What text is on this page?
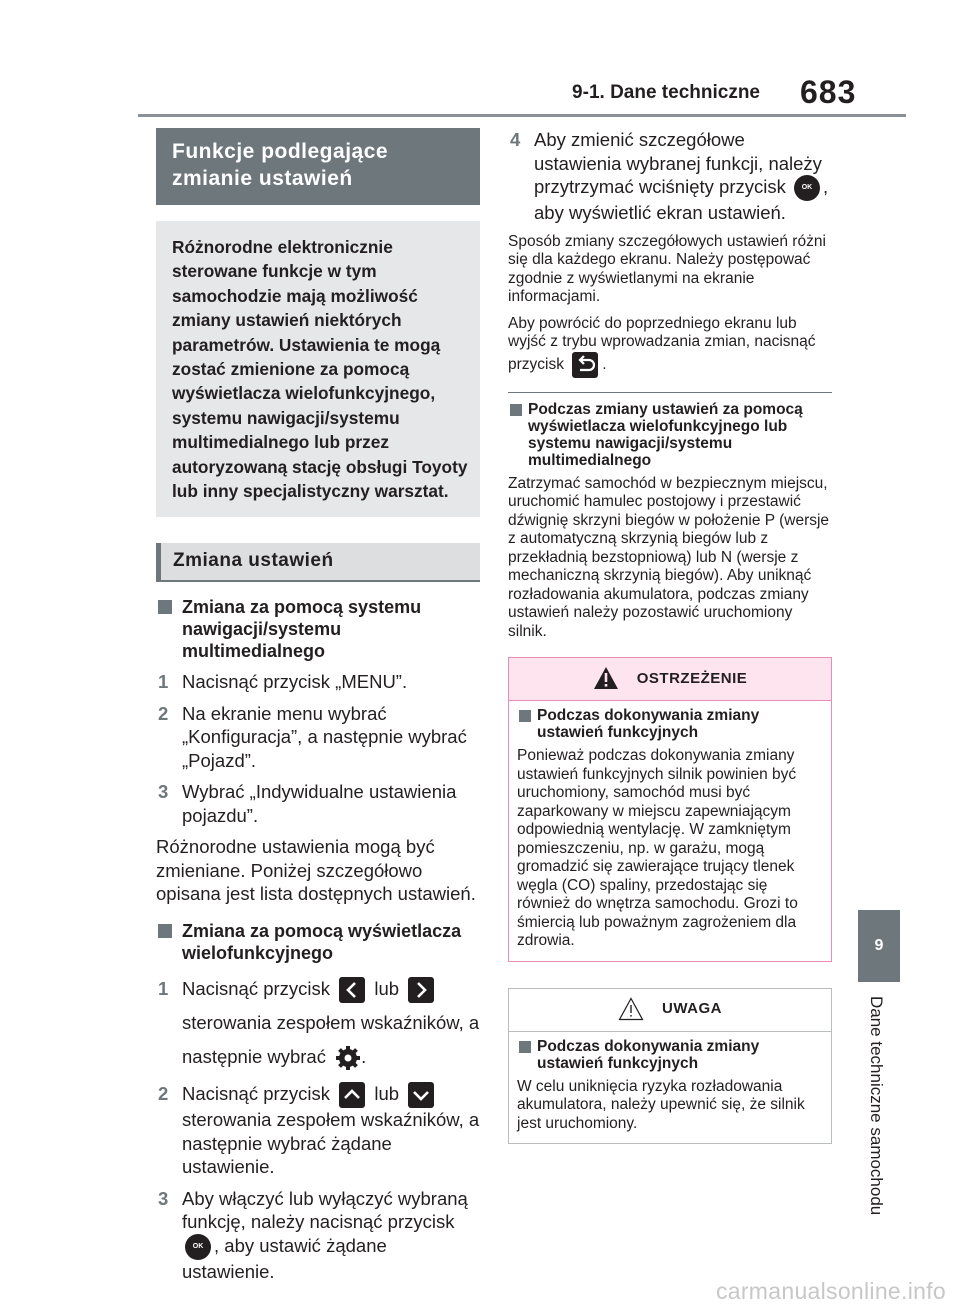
9-1. Dane techniczne 683
9
Dane techniczne samochodu
Funkcje podlegające zmianie ustawień
Różnorodne elektronicznie sterowane funkcje w tym samochodzie mają możliwość zmiany ustawień niektórych parametrów. Ustawienia te mogą zostać zmienione za pomocą wyświetlacza wielofunkcyjnego, systemu nawigacji/systemu multimedialnego lub przez autoryzowaną stację obsługi Toyoty lub inny specjalistyczny warsztat.
Zmiana ustawień
Zmiana za pomocą systemu nawigacji/systemu multimedialnego
1 Nacisnąć przycisk „MENU”.
2 Na ekranie menu wybrać „Konfiguracja”, a następnie wybrać „Pojazd”.
3 Wybrać „Indywidualne ustawienia pojazdu”.
Różnorodne ustawienia mogą być zmieniane. Poniżej szczegółowo opisana jest lista dostępnych ustawień.
Zmiana za pomocą wyświetlacza wielofunkcyjnego
1 Nacisnąć przycisk lub
sterowania zespołem wskaźników, a następnie wybrać .
2 Nacisnąć przycisk lub
sterowania zespołem wskaźników, a następnie wybrać żądane ustawienie.
3 Aby włączyć lub wyłączyć wybraną funkcję, należy nacisnąć przycisk OK , aby ustawić żądane ustawienie.
4 Aby zmienić szczegółowe ustawienia wybranej funkcji, należy przytrzymać wciśnięty przycisk OK , aby wyświetlić ekran ustawień.
Sposób zmiany szczegółowych ustawień różni się dla każdego ekranu. Należy postępować zgodnie z wyświetlanymi na ekranie informacjami.
Aby powrócić do poprzedniego ekranu lub wyjść z trybu wprowadzania zmian, nacisnąć przycisk .
Podczas zmiany ustawień za pomocą wyświetlacza wielofunkcyjnego lub systemu nawigacji/systemu multimedialnego
Zatrzymać samochód w bezpiecznym miejscu, uruchomić hamulec postojowy i przestawić dźwignię skrzyni biegów w położenie P (wersje z automatyczną skrzynią biegów lub z przekładnią bezstopniową) lub N (wersje z mechaniczną skrzynią biegów). Aby uniknąć rozładowania akumulatora, podczas zmiany ustawień należy pozostawić uruchomiony silnik.
OSTRZEŻENIE
Podczas dokonywania zmiany ustawień funkcyjnych
Ponieważ podczas dokonywania zmiany ustawień funkcyjnych silnik powinien być uruchomiony, samochód musi być zaparkowany w miejscu zapewniającym odpowiednią wentylację. W zamkniętym pomieszczeniu, np. w garażu, mogą gromadzić się zawierające trujący tlenek węgla (CO) spaliny, przedostając się również do wnętrza samochodu. Grozi to śmiercią lub poważnym zagrożeniem dla zdrowia.
UWAGA
Podczas dokonywania zmiany ustawień funkcyjnych
W celu uniknięcia ryzyka rozładowania akumulatora, należy upewnić się, że silnik jest uruchomiony.
carmanualsonline.info
